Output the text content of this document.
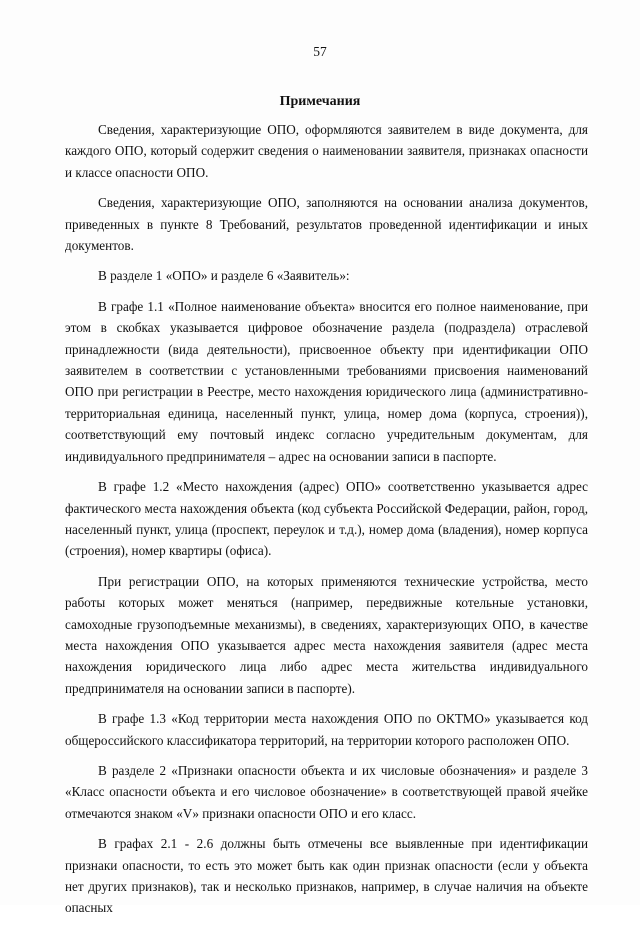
57
Примечания

Сведения, характеризующие ОПО, оформляются заявителем в виде документа, для каждого ОПО, который содержит сведения о наименовании заявителя, признаках опасности и классе опасности ОПО.

Сведения, характеризующие ОПО, заполняются на основании анализа документов, приведенных в пункте 8 Требований, результатов проведенной идентификации и иных документов.

В разделе 1 «ОПО» и разделе 6 «Заявитель»:

В графе 1.1 «Полное наименование объекта» вносится его полное наименование, при этом в скобках указывается цифровое обозначение раздела (подраздела) отраслевой принадлежности (вида деятельности), присвоенное объекту при идентификации ОПО заявителем в соответствии с установленными требованиями присвоения наименований ОПО при регистрации в Реестре, место нахождения юридического лица (административно-территориальная единица, населенный пункт, улица, номер дома (корпуса, строения)), соответствующий ему почтовый индекс согласно учредительным документам, для индивидуального предпринимателя – адрес на основании записи в паспорте.

В графе 1.2 «Место нахождения (адрес) ОПО» соответственно указывается адрес фактического места нахождения объекта (код субъекта Российской Федерации, район, город, населенный пункт, улица (проспект, переулок и т.д.), номер дома (владения), номер корпуса (строения), номер квартиры (офиса).

При регистрации ОПО, на которых применяются технические устройства, место работы которых может меняться (например, передвижные котельные установки, самоходные грузоподъемные механизмы), в сведениях, характеризующих ОПО, в качестве места нахождения ОПО указывается адрес места нахождения заявителя (адрес места нахождения юридического лица либо адрес места жительства индивидуального предпринимателя на основании записи в паспорте).

В графе 1.3 «Код территории места нахождения ОПО по ОКТМО» указывается код общероссийского классификатора территорий, на территории которого расположен ОПО.

В разделе 2 «Признаки опасности объекта и их числовые обозначения» и разделе 3 «Класс опасности объекта и его числовое обозначение» в соответствующей правой ячейке отмечаются знаком «V» признаки опасности ОПО и его класс.

В графах 2.1 - 2.6 должны быть отмечены все выявленные при идентификации признаки опасности, то есть это может быть как один признак опасности (если у объекта нет других признаков), так и несколько признаков, например, в случае наличия на объекте опасных
